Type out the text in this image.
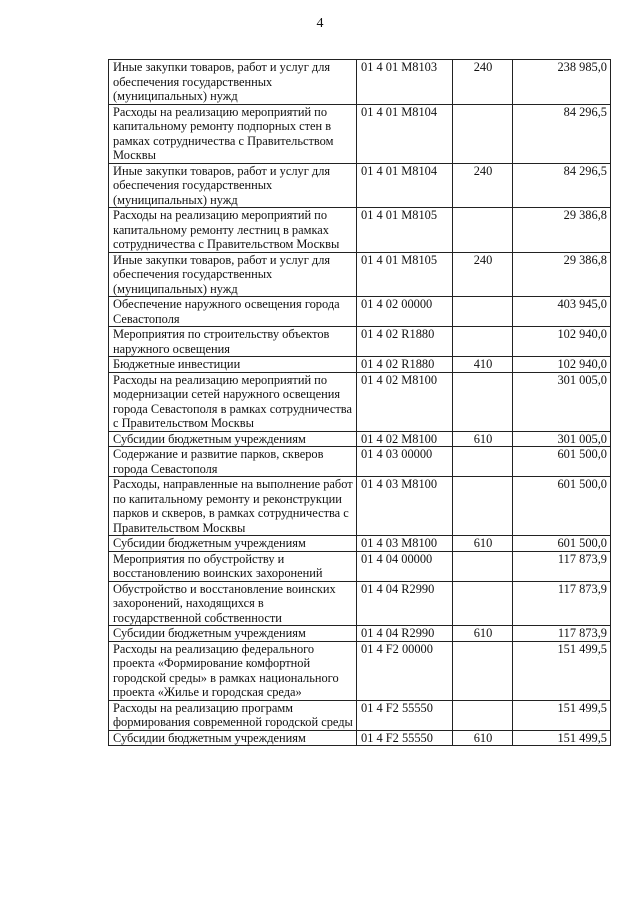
4
Иные закупки товаров, работ и услуг для обеспечения государственных (муниципальных) нужд	01 4 01 М8103	240	238 985,0
Расходы на реализацию мероприятий по капитальному ремонту подпорных стен в рамках сотрудничества с Правительством Москвы	01 4 01 М8104		84 296,5
Иные закупки товаров, работ и услуг для обеспечения государственных (муниципальных) нужд	01 4 01 М8104	240	84 296,5
Расходы на реализацию мероприятий по капитальному ремонту лестниц в рамках сотрудничества с Правительством Москвы	01 4 01 М8105		29 386,8
Иные закупки товаров, работ и услуг для обеспечения государственных (муниципальных) нужд	01 4 01 М8105	240	29 386,8
Обеспечение наружного освещения города Севастополя	01 4 02 00000		403 945,0
Мероприятия по строительству объектов наружного освещения	01 4 02 R1880		102 940,0
Бюджетные инвестиции	01 4 02 R1880	410	102 940,0
Расходы на реализацию мероприятий по модернизации сетей наружного освещения города Севастополя в рамках сотрудничества с Правительством Москвы	01 4 02 М8100		301 005,0
Субсидии бюджетным учреждениям	01 4 02 М8100	610	301 005,0
Содержание и развитие парков, скверов города Севастополя	01 4 03 00000		601 500,0
Расходы, направленные на выполнение работ по капитальному ремонту и реконструкции парков и скверов, в рамках сотрудничества с Правительством Москвы	01 4 03 М8100		601 500,0
Субсидии бюджетным учреждениям	01 4 03 М8100	610	601 500,0
Мероприятия по обустройству и восстановлению воинских захоронений	01 4 04 00000		117 873,9
Обустройство и восстановление воинских захоронений, находящихся в государственной собственности	01 4 04 R2990		117 873,9
Субсидии бюджетным учреждениям	01 4 04 R2990	610	117 873,9
Расходы на реализацию федерального проекта «Формирование комфортной городской среды» в рамках национального проекта «Жилье и городская среда»	01 4 F2 00000		151 499,5
Расходы на реализацию программ формирования современной городской среды	01 4 F2 55550		151 499,5
Субсидии бюджетным учреждениям	01 4 F2 55550	610	151 499,5
